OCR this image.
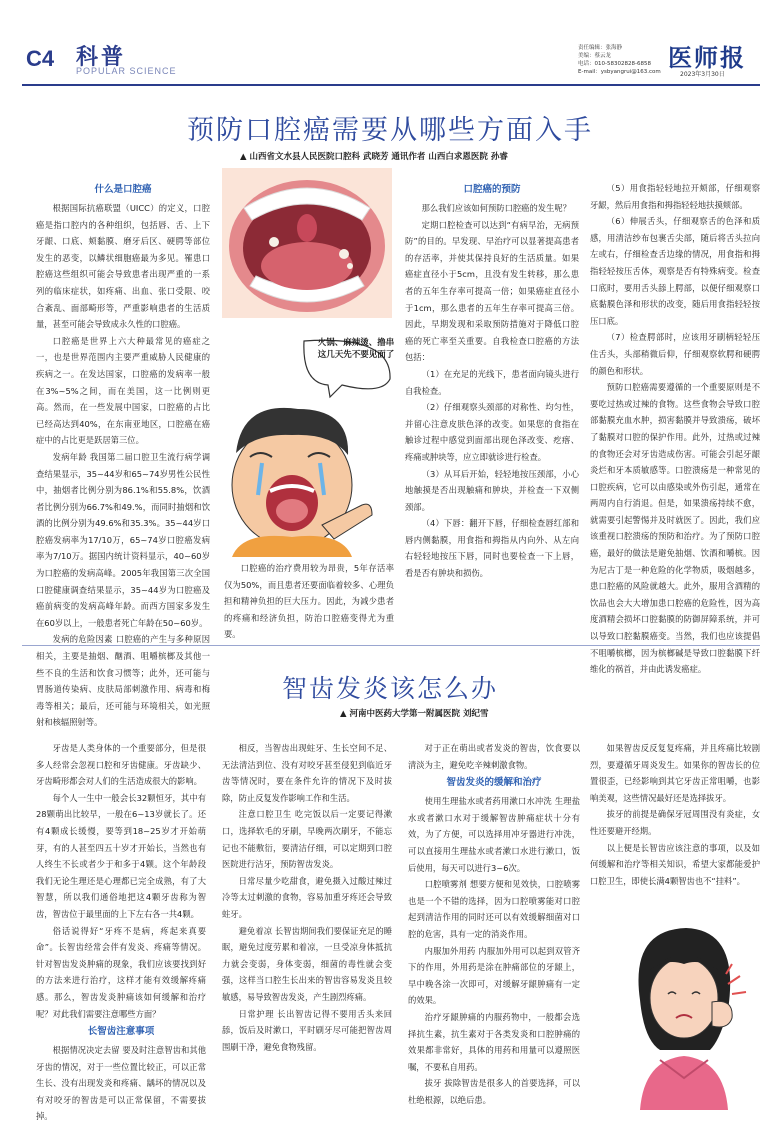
C4 科普
POPULAR SCIENCE
责任编辑：张海静
美编：蔡云龙
电话：010-58302828-6858
E-mail：ysbyangrui@163.com 医师报
2023年3月30日
预防口腔癌需要从哪些方面入手
▲ 山西省文水县人民医院口腔科 武晓芳 通讯作者 山西白求恩医院 孙睿

什么是口腔癌

根据国际抗癌联盟（UICC）的定义，口腔癌是指口腔内的各种组织，包括唇、舌、上下牙龈、口底、颊黏膜、磨牙后区、硬腭等部位发生的恶变，以鳞状细胞癌最为多见。罹患口腔癌这些组织可能会导致患者出现严重的一系列的临床症状，如疼痛、出血、张口受限、咬合紊乱、面部畸形等，严重影响患者的生活质量，甚至可能会导致成永久性的口腔癌。

口腔癌是世界上六大种最常见的癌症之一，也是世界范围内主要严重威胁人民健康的疾病之一。在发达国家，口腔癌的发病率一般在3%~5%之间，而在美国，这一比例则更高。然而，在一些发展中国家，口腔癌的占比已经高达到40%，在东南亚地区，口腔癌在癌症中的占比更是跃居第三位。

发病年龄 我国第二届口腔卫生流行病学调查结果显示，35~44岁和65~74岁男性公民性中，抽烟者比例分别为86.1%和55.8%，饮酒者比例分别为66.7%和49.%，而同时抽烟和饮酒的比例分别为49.6%和35.3%。35~44岁口腔癌发病率为17/10万，65~74岁口腔癌发病率为7/10万。据国内统计资料显示，40~60岁为口腔癌的发病高峰。2005年我国第三次全国口腔健康调查结果显示，35~44岁为口腔癌及癌前病变的发病高峰年龄。而西方国家多发生在60岁以上，一般患者死亡年龄在50~60岁。

发病的危险因素 口腔癌的产生与多种原因相关，主要是抽烟、酗酒、咀嚼槟榔及其他一些不良的生活和饮食习惯等；此外，还可能与胃肠道传染病、皮肤局部刺激作用、病毒和梅毒等相关；最后，还可能与环境相关，如光照射和核辐照射等。

火锅、麻辣烫、撸串 这几天先不要见面了

口腔癌的治疗费用较为昂贵，5年存活率仅为50%，而且患者还要面临着较多、心理负担和精神负担的巨大压力。因此，为减少患者的疼痛和经济负担，防治口腔癌变得尤为重要。

口腔癌的预防

那么我们应该如何预防口腔癌的发生呢？

定期口腔检查可以达到“有病早治，无病预防”的目的。早发现、早治疗可以显著提高患者的存活率，并使其保持良好的生活质量。如果癌症直径小于5cm，且没有发生转移，那么患者的五年生存率可提高一倍；如果癌症直径小于1cm，那么患者的五年生存率可提高三倍。因此，早期发现和采取预防措施对于降低口腔癌的死亡率至关重要。自我检查口腔癌的方法包括：

（1）在充足的光线下，患者面向镜头进行自我检查。

（2）仔细观察头颈部的对称性、均匀性，并留心注意皮肤色泽的改变。如果您的食指在触诊过程中感觉到面部出现色泽改变、疙瘩、疼痛或肿块等，应立即就诊进行检查。

（3）从耳后开始，轻轻地按压颈部，小心地触摸是否出现触痛和肿块，并检查一下双侧颈部。

（4）下唇：翻开下唇，仔细检查唇红部和唇内侧黏膜，用食指和拇指从内向外、从左向右轻轻地按压下唇，同时也要检查一下上唇，看是否有肿块和损伤。

（5）用食指轻轻地拉开颊部，仔细观察牙龈，然后用食指和拇指轻轻地扶摸颊部。

（6）伸展舌头，仔细观察舌的色泽和质感，用清洁纱布包裹舌尖部，随后将舌头拉向左或右，仔细检查舌边缘的情况，用食指和拇指轻轻按压舌体，观察是否有特殊病变。检查口底时，要用舌头舔上腭部，以便仔细观察口底黏膜色泽和形状的改变，随后用食指轻轻按压口底。

（7）检查腭部时，应该用牙刷柄轻轻压住舌头，头部稍微后仰，仔细观察软腭和硬腭的颜色和形状。

预防口腔癌需要遵循的一个重要原则是不要吃过热或过辣的食物。这些食物会导致口腔部黏膜充血水肿，损害黏膜并导致溃疡，破坏了黏膜对口腔的保护作用。此外，过热或过辣的食物还会对牙齿造成伤害。可能会引起牙龈炎烂和牙本质敏感等。口腔溃疡是一种常见的口腔疾病，它可以由感染或外伤引起，通常在两周内自行消退。但是，如果溃疡持续不愈，就需要引起警惕并及时就医了。因此，我们应该重视口腔溃疡的预防和治疗。为了预防口腔癌，最好的做法是避免抽烟、饮酒和嚼槟。因为尼古丁是一种危险的化学物质，吸烟越多，患口腔癌的风险就越大。此外，服用含酒精的饮品也会大大增加患口腔癌的危险性，因为高度酒精会损坏口腔黏膜的防御屏障系统，并可以导致口腔黏膜癌变。当然，我们也应该提倡不咀嚼槟榔，因为槟榔碱是导致口腔黏膜下纤维化的祸首，并由此诱发癌症。

智齿发炎该怎么办
▲ 河南中医药大学第一附属医院 刘纪雪

牙齿是人类身体的一个重要部分，但是很多人经常会忽视口腔和牙齿健康。牙齿缺少、牙齿畸形都会对人们的生活造成很大的影响。

每个人一生中一般会长32颗恒牙，其中有28颗萌出比较早，一般在6~13岁就长了。还有4颗成长缓慢，要等到18~25岁才开始萌芽，有的人甚至四五十岁才开始长，当然也有人终生不长或者少于和多于4颗。这个年龄段我们无论生理还是心理都已完全成熟，有了大智慧，所以我们通俗地把这4颗牙齿称为智齿，智齿位于最里面的上下左右各一共4颗。

俗话说得好“牙疼不是病，疼起来真要命”。长智齿经常会伴有发炎、疼痛等情况。针对智齿发炎肿痛的现象，我们应该要找到好的方法来进行治疗，这样才能有效缓解疼痛感。那么，智齿发炎肿痛该如何缓解和治疗呢？对此我们需要注意哪些方面？

长智齿注意事项

根据情况决定去留 要及时注意智齿和其他牙齿的情况，对于一些位置比较正，可以正常生长、没有出现发炎和疼痛、龋坏的情况以及有对咬牙的智齿是可以正常保留，不需要拔掉。

相反，当智齿出现蛀牙、生长空间不足、无法清洁到位、没有对咬牙甚至侵犯到临近牙齿等情况时，要在条件允许的情况下及时拔除，防止反复发作影响工作和生活。

注意口腔卫生 吃完饭以后一定要记得漱口，选择软毛的牙刷，早晚两次刷牙，不能忘记也不能敷衍，要清洁仔细，可以定期到口腔医院进行洁牙，预防智齿发炎。

日常尽量少吃甜食，避免摄入过酸过辣过冷等太过刺激的食物，容易加重牙疼还会导致蛀牙。

避免着凉 长智齿期间我们要保证充足的睡眠，避免过度劳累和着凉，一旦受凉身体抵抗力就会变弱，身体变弱，细菌的毒性就会变强，这样当口腔生长出来的智齿容易发炎且较敏感，易导致智齿发炎，产生剧烈疼痛。

日常护理 长出智齿记得不要用舌头来回舔，饭后及时漱口，平时刷牙尽可能把智齿周围刷干净，避免食物残留。

对于正在萌出或者发炎的智齿，饮食要以清淡为主，避免吃辛辣刺激食物。

智齿发炎的缓解和治疗

使用生理盐水或者药用漱口水冲洗 生理盐水或者漱口水对于缓解智齿肿痛症状十分有效，为了方便，可以选择用冲牙器进行冲洗，可以直接用生理盐水或者漱口水进行漱口，饭后使用，每天可以进行3~6次。

口腔喷雾剂 想要方便和见效快，口腔喷雾也是一个不错的选择，因为口腔喷雾能对口腔起到清洁作用的同时还可以有效缓解细菌对口腔的危害，具有一定的消炎作用。

内服加外用药 内服加外用可以起到双管齐下的作用，外用药是涂在肿痛部位的牙龈上，早中晚各涂一次即可，对缓解牙龈肿痛有一定的效果。

治疗牙龈肿痛的内服药物中，一般都会选择抗生素，抗生素对于各类发炎和口腔肿痛的效果都非常好，具体的用药和用量可以遵照医嘱，不要私自用药。

拔牙 拔除智齿是很多人的首要选择，可以杜绝根源，以绝后患。

如果智齿反反复复疼痛，并且疼痛比较剧烈，要遵循牙周炎发生。如果你的智齿长的位置很歪，已经影响到其它牙齿正常咀嚼，也影响美观，这些情况最好还是选择拔牙。

拔牙的前提是确保牙冠周围没有炎症，女性还要避开经期。

以上便是长智齿应该注意的事项，以及如何缓解和治疗等相关知识，希望大家都能爱护口腔卫生，即使长满4颗智齿也不“挂料”。
